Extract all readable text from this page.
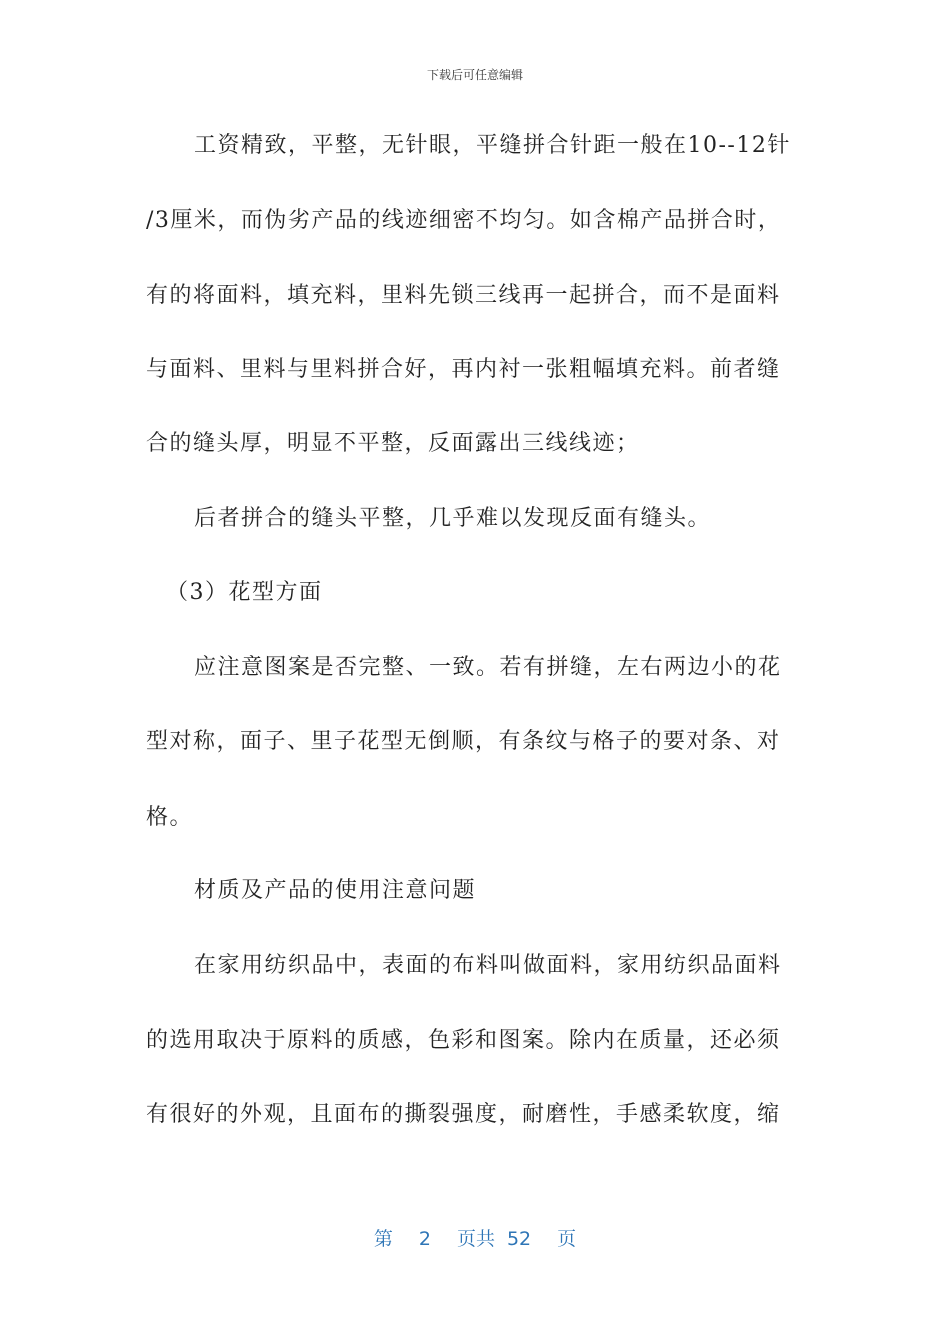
下载后可任意编辑
工资精致，平整，无针眼，平缝拼合针距一般在10--12针
/3厘米，而伪劣产品的线迹细密不均匀。如含棉产品拼合时，
有的将面料，填充料，里料先锁三线再一起拼合，而不是面料
与面料、里料与里料拼合好，再内衬一张粗幅填充料。前者缝
合的缝头厚，明显不平整，反面露出三线线迹；
后者拼合的缝头平整，几乎难以发现反面有缝头。
（3）花型方面
应注意图案是否完整、一致。若有拼缝，左右两边小的花
型对称，面子、里子花型无倒顺，有条纹与格子的要对条、对
格。
材质及产品的使用注意问题
在家用纺织品中，表面的布料叫做面料，家用纺织品面料
的选用取决于原料的质感，色彩和图案。除内在质量，还必须
有很好的外观，且面布的撕裂强度，耐磨性，手感柔软度，缩
第 2 页共 52 页
